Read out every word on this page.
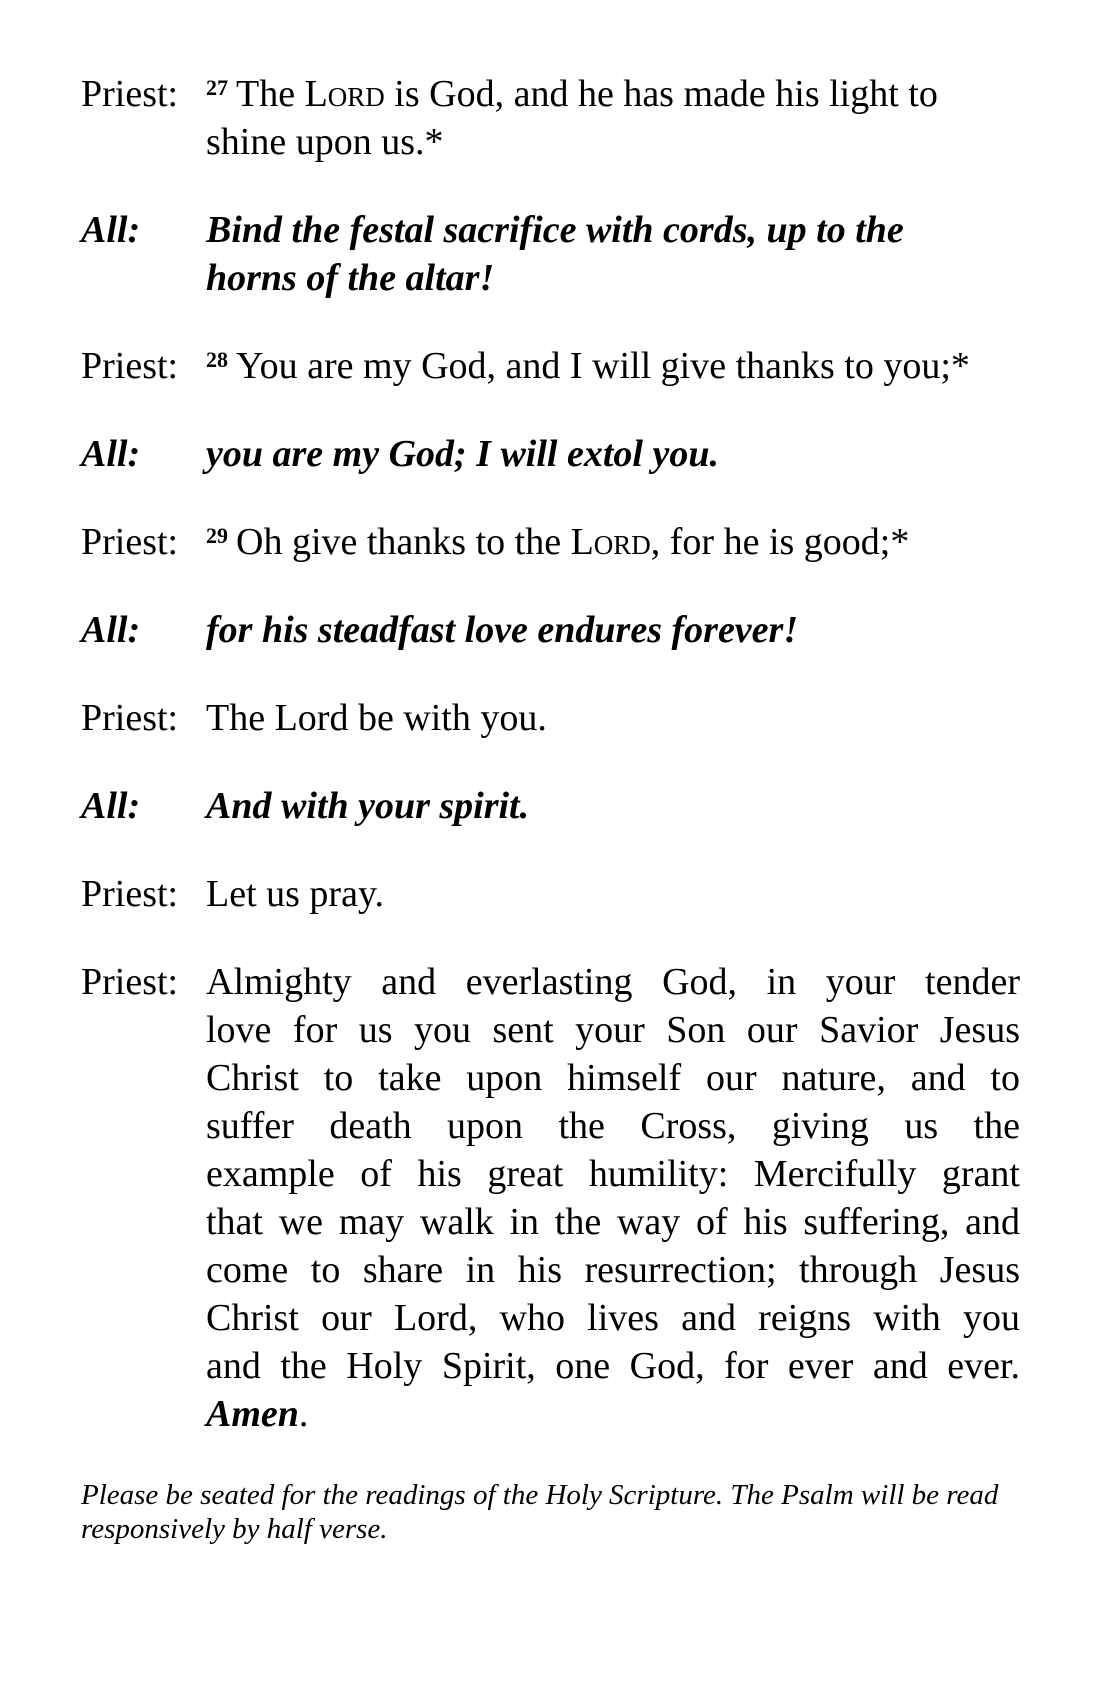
Priest:	$^{27}$ The Lord is God, and he has made his light to
shine upon us.*
All:	Bind the festal sacrifice with cords, up to the
horns of the altar!
Priest:	$^{28}$ You are my God, and I will give thanks to you;*
All:	you are my God; I will extol you.
Priest:	$^{29}$ Oh give thanks to the Lord, for he is good;*
All:	for his steadfast love endures forever!
Priest: The Lord be with you.
All:	And with your spirit.
Priest: Let us pray.
Priest: Almighty and everlasting God, in your tender
love for us you sent your Son our Savior Jesus
Christ to take upon himself our nature, and to
suffer death upon the Cross, giving us the
example of his great humility: Mercifully grant
that we may walk in the way of his suffering, and
come to share in his resurrection; through Jesus
Christ our Lord, who lives and reigns with you
and the Holy Spirit, one God, for ever and ever.
Amen.

Please be seated for the readings of the Holy Scripture. The Psalm will be read
responsively by half verse.
